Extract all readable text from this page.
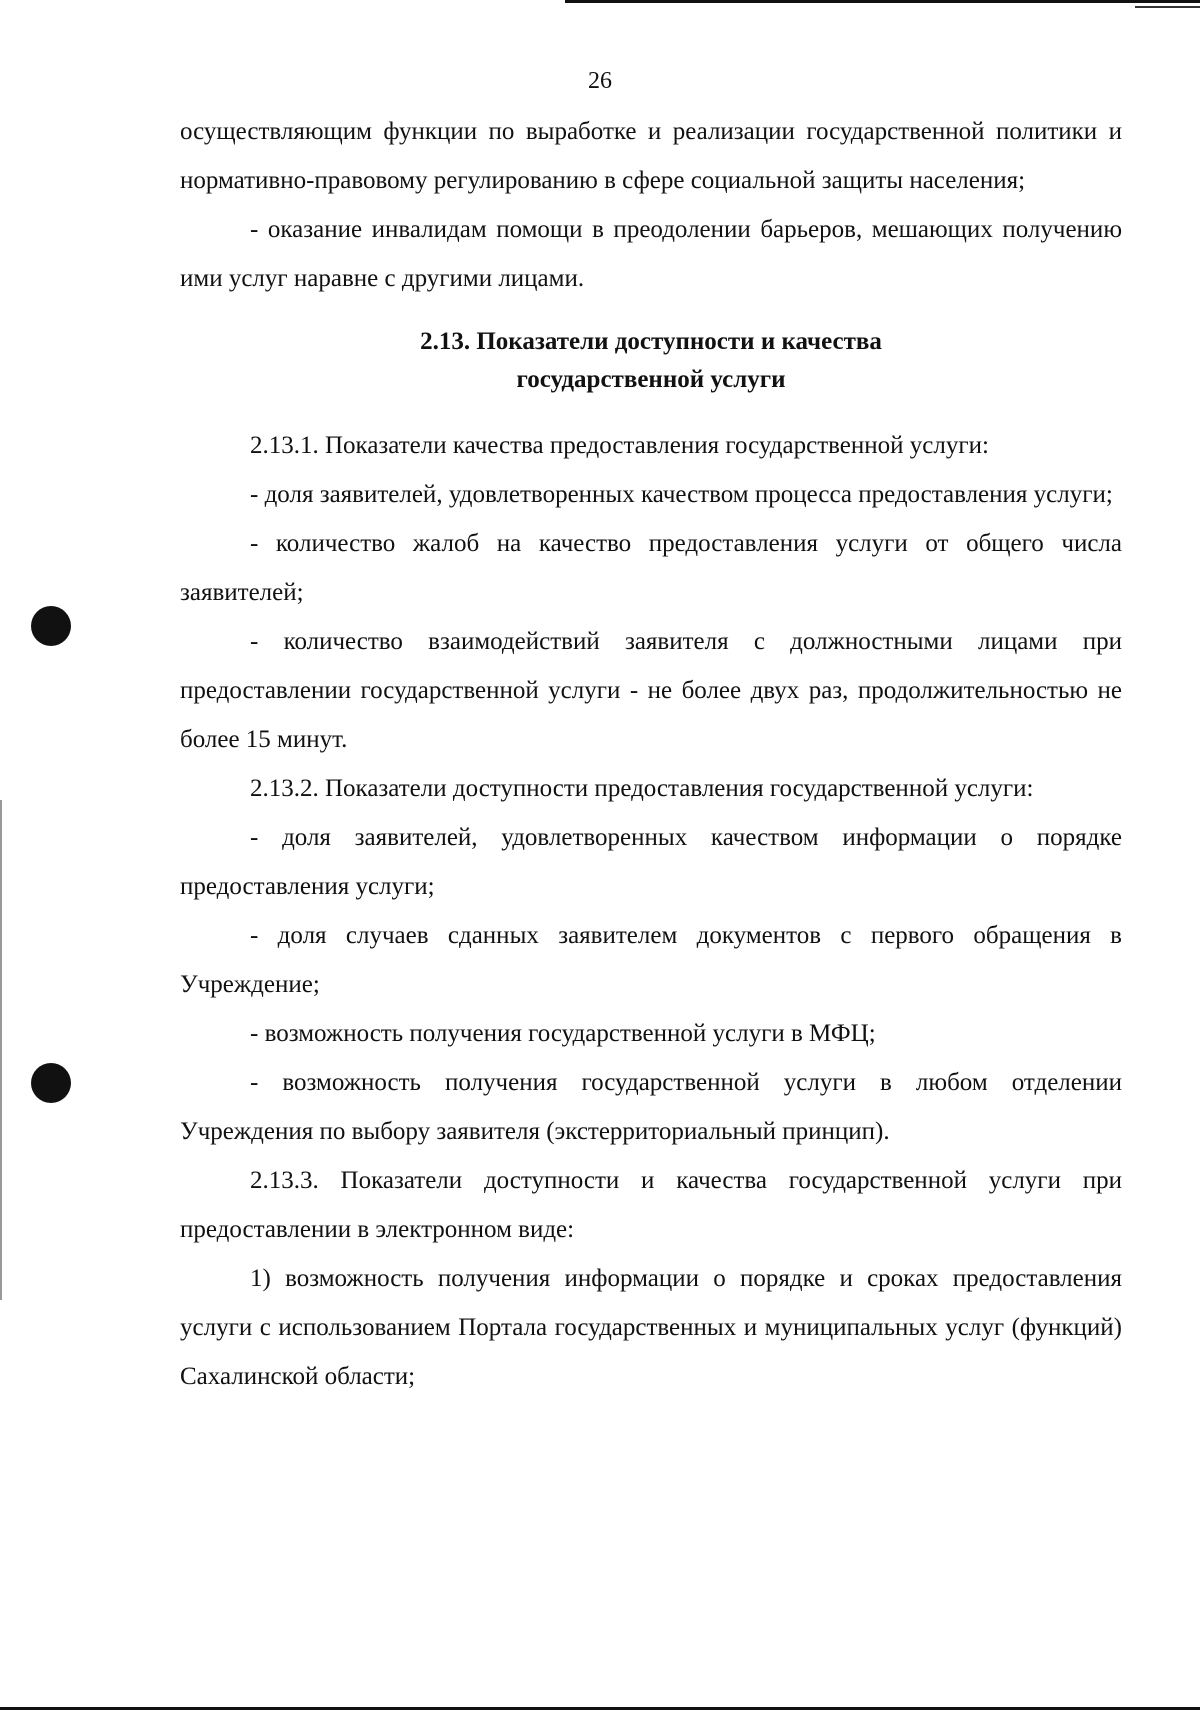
26

осуществляющим функции по выработке и реализации государственной политики и нормативно-правовому регулированию в сфере социальной защиты населения;

- оказание инвалидам помощи в преодолении барьеров, мешающих получению ими услуг наравне с другими лицами.

2.13. Показатели доступности и качества
государственной услуги

2.13.1. Показатели качества предоставления государственной услуги:

- доля заявителей, удовлетворенных качеством процесса предоставления услуги;

- количество жалоб на качество предоставления услуги от общего числа заявителей;

- количество взаимодействий заявителя с должностными лицами при предоставлении государственной услуги - не более двух раз, продолжительностью не более 15 минут.

2.13.2. Показатели доступности предоставления государственной услуги:

- доля заявителей, удовлетворенных качеством информации о порядке предоставления услуги;

- доля случаев сданных заявителем документов с первого обращения в Учреждение;

- возможность получения государственной услуги в МФЦ;

- возможность получения государственной услуги в любом отделении Учреждения по выбору заявителя (экстерриториальный принцип).

2.13.3. Показатели доступности и качества государственной услуги при предоставлении в электронном виде:

1) возможность получения информации о порядке и сроках предоставления услуги с использованием Портала государственных и муниципальных услуг (функций) Сахалинской области;
